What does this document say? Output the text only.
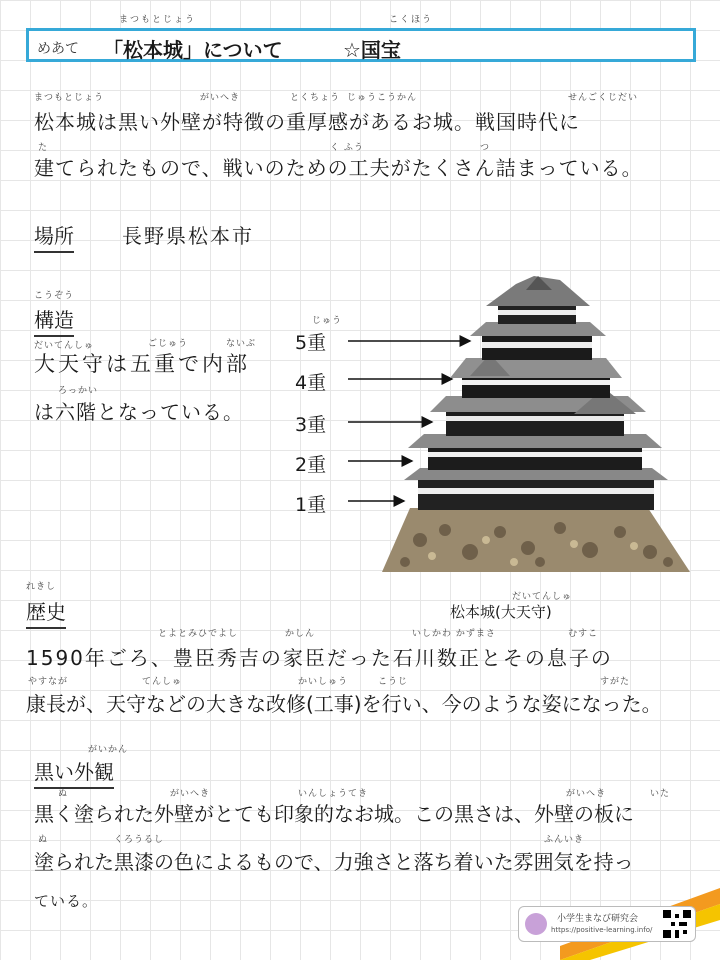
めあて
まつもとじょう
「松本城」について
こくほう
☆国宝
まつもとじょう	がいへき	とくちょう じゅうこうかん	せんごくじだい
松本城は黒い外壁が特徴の重厚感があるお城。戦国時代に
た	く ふう	つ
建てられたもので、戦いのための工夫がたくさん詰まっている。
場所 長野県松本市
こうぞう
構造
だいてんしゅ	ごじゅう	ないぶ
大天守は五重で内部
ろっかい
は六階となっている。
じゅう
5重
4重
3重
2重
1重
だいてんしゅ
松本城(大天守)
れきし
歴史
とよとみひでよし	かしん	いしかわ かずまさ	むすこ
1590年ごろ、豊臣秀吉の家臣だった石川数正とその息子の
やすなが	てんしゅ	かいしゅう	こうじ	すがた
康長が、天守などの大きな改修(工事)を行い、今のような姿になった。
がいかん
黒い外観
ぬ	がいへき	いんしょうてき	がいへき	いた
黒く塗られた外壁がとても印象的なお城。この黒さは、外壁の板に
ぬ	くろうるし	ふんいき
塗られた黒漆の色によるもので、力強さと落ち着いた雰囲気を持っ
ている。
小学生まなび研究会
https://positive-learning.info/
